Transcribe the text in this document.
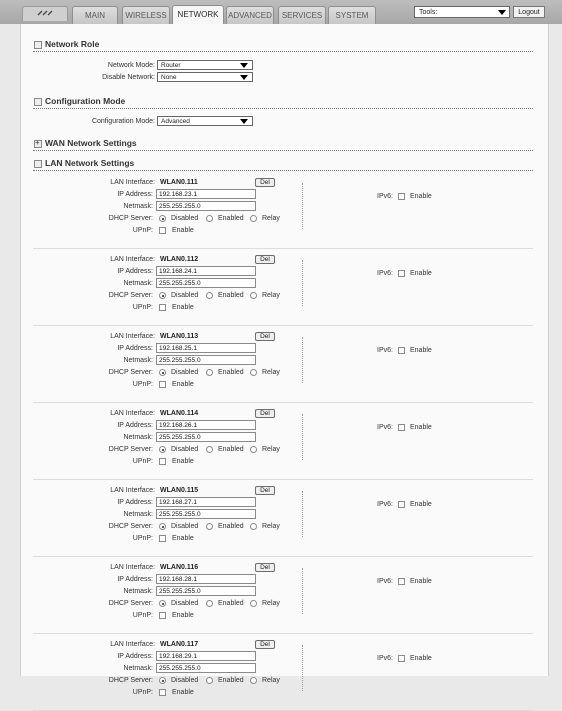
MAIN	WIRELESS	NETWORK	ADVANCED	SERVICES	SYSTEM	Tools:	Logout
Network Role
Network Mode: Router
Disable Network: None
Configuration Mode
Configuration Mode: Advanced
+
WAN Network Settings
LAN Network Settings
LAN Interface: WLAN0.111	Del
IP Address: 192.168.23.1
Netmask: 255.255.255.0
DHCP Server:	Disabled	Enabled	Relay
UPnP:	Enable
IPv6: Enable
LAN Interface: WLAN0.112	Del
IP Address: 192.168.24.1
Netmask: 255.255.255.0
DHCP Server:	Disabled	Enabled	Relay
UPnP:	Enable
IPv6: Enable
LAN Interface: WLAN0.113	Del
IP Address: 192.168.25.1
Netmask: 255.255.255.0
DHCP Server:	Disabled	Enabled	Relay
UPnP:	Enable
IPv6: Enable
LAN Interface: WLAN0.114	Del
IP Address: 192.168.26.1
Netmask: 255.255.255.0
DHCP Server:	Disabled	Enabled	Relay
UPnP:	Enable
IPv6: Enable
LAN Interface: WLAN0.115	Del
IP Address: 192.168.27.1
Netmask: 255.255.255.0
DHCP Server:	Disabled	Enabled	Relay
UPnP:	Enable
IPv6: Enable
LAN Interface: WLAN0.116	Del
IP Address: 192.168.28.1
Netmask: 255.255.255.0
DHCP Server:	Disabled	Enabled	Relay
UPnP:	Enable
IPv6: Enable
LAN Interface: WLAN0.117	Del
IP Address: 192.168.29.1
Netmask: 255.255.255.0
DHCP Server:	Disabled	Enabled	Relay
UPnP:	Enable
IPv6: Enable
